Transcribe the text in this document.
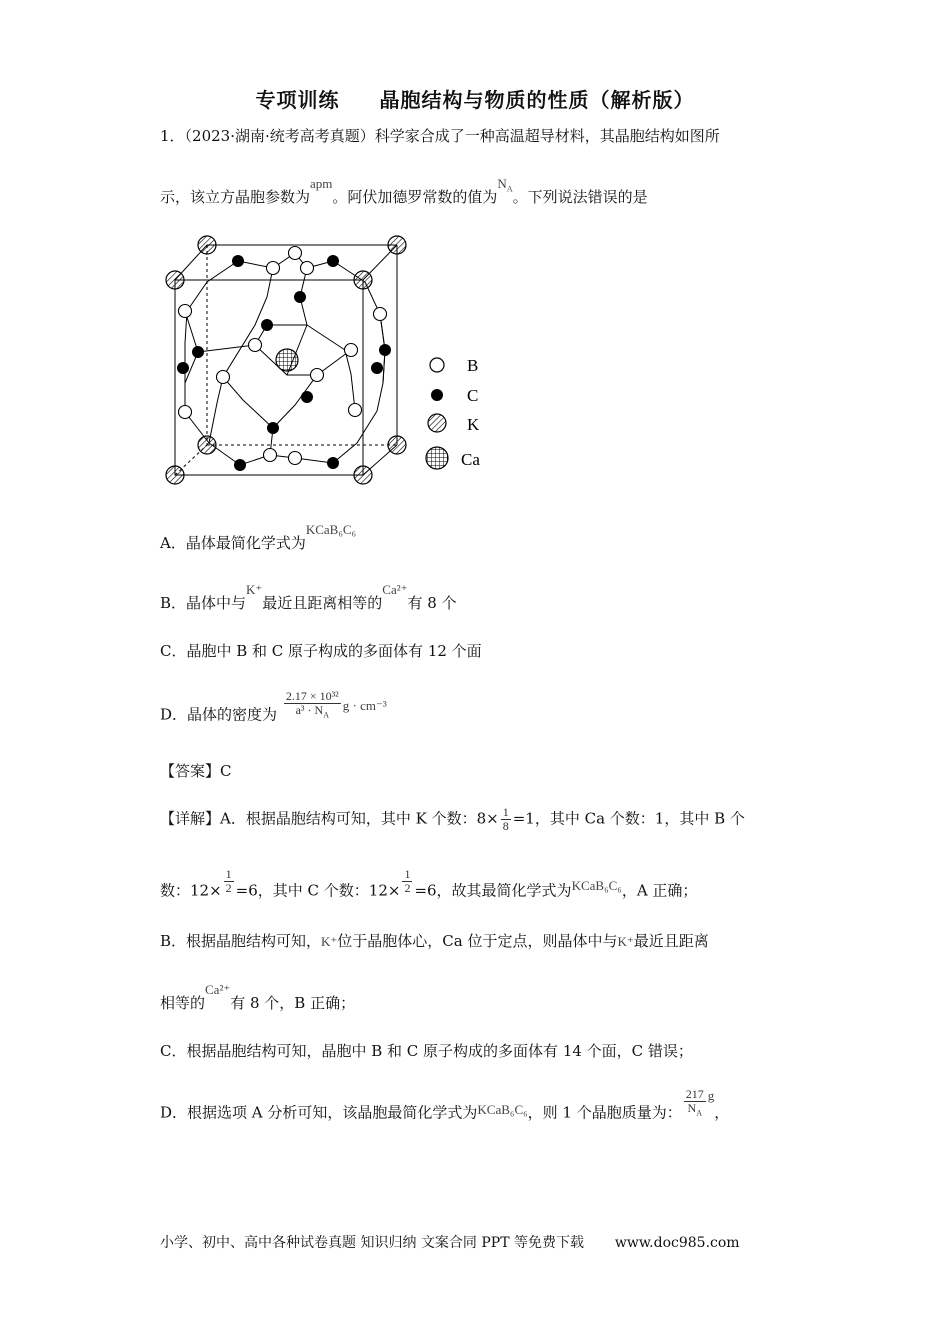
专项训练 晶胞结构与物质的性质（解析版）
1．（2023·湖南·统考高考真题）科学家合成了一种高温超导材料，其晶胞结构如图所
示，该立方晶胞参数为apm。阿伏加德罗常数的值为$N_A$。下列说法错误的是
B
C
K
Ca
A．晶体最简化学式为KCaB₆C₆
B．晶体中与K⁺最近且距离相等的Ca²⁺有 8 个
C．晶胞中 B 和 C 原子构成的多面体有 12 个面
D．晶体的密度为 $\frac{\text{2.17 × 10³²}}{a^3 \cdot N_A}$ g · cm⁻³
【答案】C
【详解】A．根据晶胞结构可知，其中 K 个数：$8\times \frac{1}{8} =1$，其中 Ca 个数：1，其中 B 个
数：$12\times \frac{1}{2} =6$，其中 C 个数：$12\times \frac{1}{2} =6$，故其最简化学式为KCaB₆C₆，A 正确；
B．根据晶胞结构可知，K⁺位于晶胞体心，Ca 位于定点，则晶体中与K⁺最近且距离
相等的Ca²⁺有 8 个，B 正确；
C．根据晶胞结构可知，晶胞中 B 和 C 原子构成的多面体有 14 个面，C 错误；
D．根据选项 A 分析可知，该晶胞最简化学式为KCaB₆C₆，则 1 个晶胞质量为： $\frac{217}{N_A}$ g，
小学、初中、高中各种试卷真题 知识归纳 文案合同 PPT 等免费下载 www.doc985.com
